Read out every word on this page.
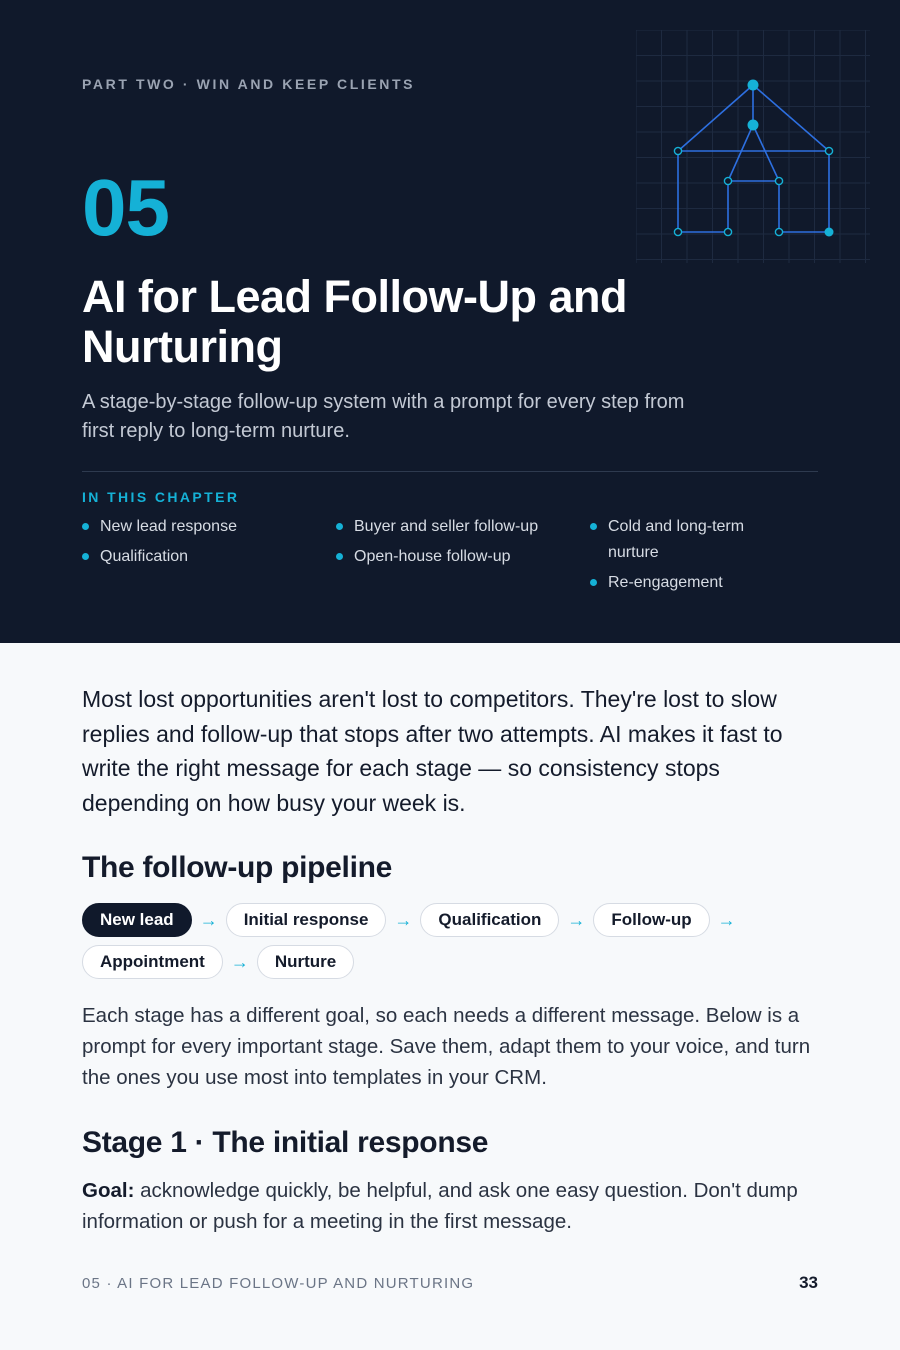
PART TWO · WIN AND KEEP CLIENTS
05
AI for Lead Follow-Up and Nurturing

A stage-by-stage follow-up system with a prompt for every step from first reply to long-term nurture.

IN THIS CHAPTER
New lead response
Qualification
Buyer and seller follow-up
Open-house follow-up
Cold and long-term nurture
Re-engagement

Most lost opportunities aren't lost to competitors. They're lost to slow replies and follow-up that stops after two attempts. AI makes it fast to write the right message for each stage — so consistency stops depending on how busy your week is.

The follow-up pipeline
New lead	→	Initial response	→	Qualification	→	Follow-up	→
Appointment	→	Nurture

Each stage has a different goal, so each needs a different message. Below is a prompt for every important stage. Save them, adapt them to your voice, and turn the ones you use most into templates in your CRM.

Stage 1 · The initial response

Goal: acknowledge quickly, be helpful, and ask one easy question. Don't dump information or push for a meeting in the first message.

05 · AI FOR LEAD FOLLOW-UP AND NURTURING	33
